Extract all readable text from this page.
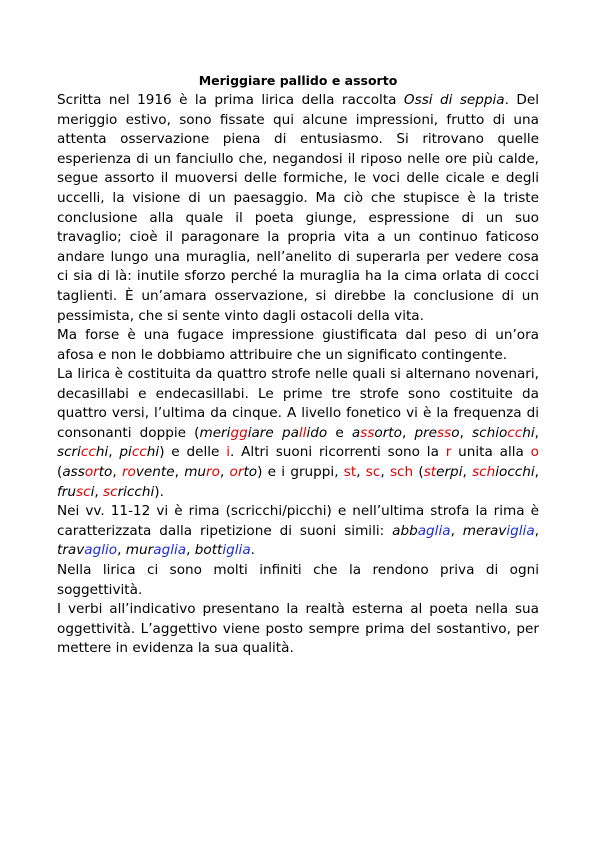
Meriggiare pallido e assorto

Scritta nel 1916 è la prima lirica della raccolta Ossi di seppia. Del meriggio estivo, sono fissate qui alcune impressioni, frutto di una attenta osservazione piena di entusiasmo. Si ritrovano quelle esperienza di un fanciullo che, negandosi il riposo nelle ore più calde, segue assorto il muoversi delle formiche, le voci delle cicale e degli uccelli, la visione di un paesaggio. Ma ciò che stupisce è la triste conclusione alla quale il poeta giunge, espressione di un suo travaglio; cioè il paragonare la propria vita a un continuo faticoso andare lungo una muraglia, nell’anelito di superarla per vedere cosa ci sia di là: inutile sforzo perché la muraglia ha la cima orlata di cocci taglienti. È un’amara osservazione, si direbbe la conclusione di un pessimista, che si sente vinto dagli ostacoli della vita.

Ma forse è una fugace impressione giustificata dal peso di un’ora afosa e non le dobbiamo attribuire che un significato contingente.

La lirica è costituita da quattro strofe nelle quali si alternano novenari, decasillabi e endecasillabi. Le prime tre strofe sono costituite da quattro versi, l’ultima da cinque. A livello fonetico vi è la frequenza di consonanti doppie (meriggiare pallido e assorto, presso, schiocchi, scricchi, picchi) e delle i. Altri suoni ricorrenti sono la r unita alla o (assorto, rovente, muro, orto) e i gruppi, st, sc, sch (sterpi, schiocchi, frusci, scricchi).

Nei vv. 11-12 vi è rima (scricchi/picchi) e nell’ultima strofa la rima è caratterizzata dalla ripetizione di suoni simili: abbaglia, meraviglia, travaglio, muraglia, bottiglia.

Nella lirica ci sono molti infiniti che la rendono priva di ogni soggettività.

I verbi all’indicativo presentano la realtà esterna al poeta nella sua oggettività. L’aggettivo viene posto sempre prima del sostantivo, per mettere in evidenza la sua qualità.
